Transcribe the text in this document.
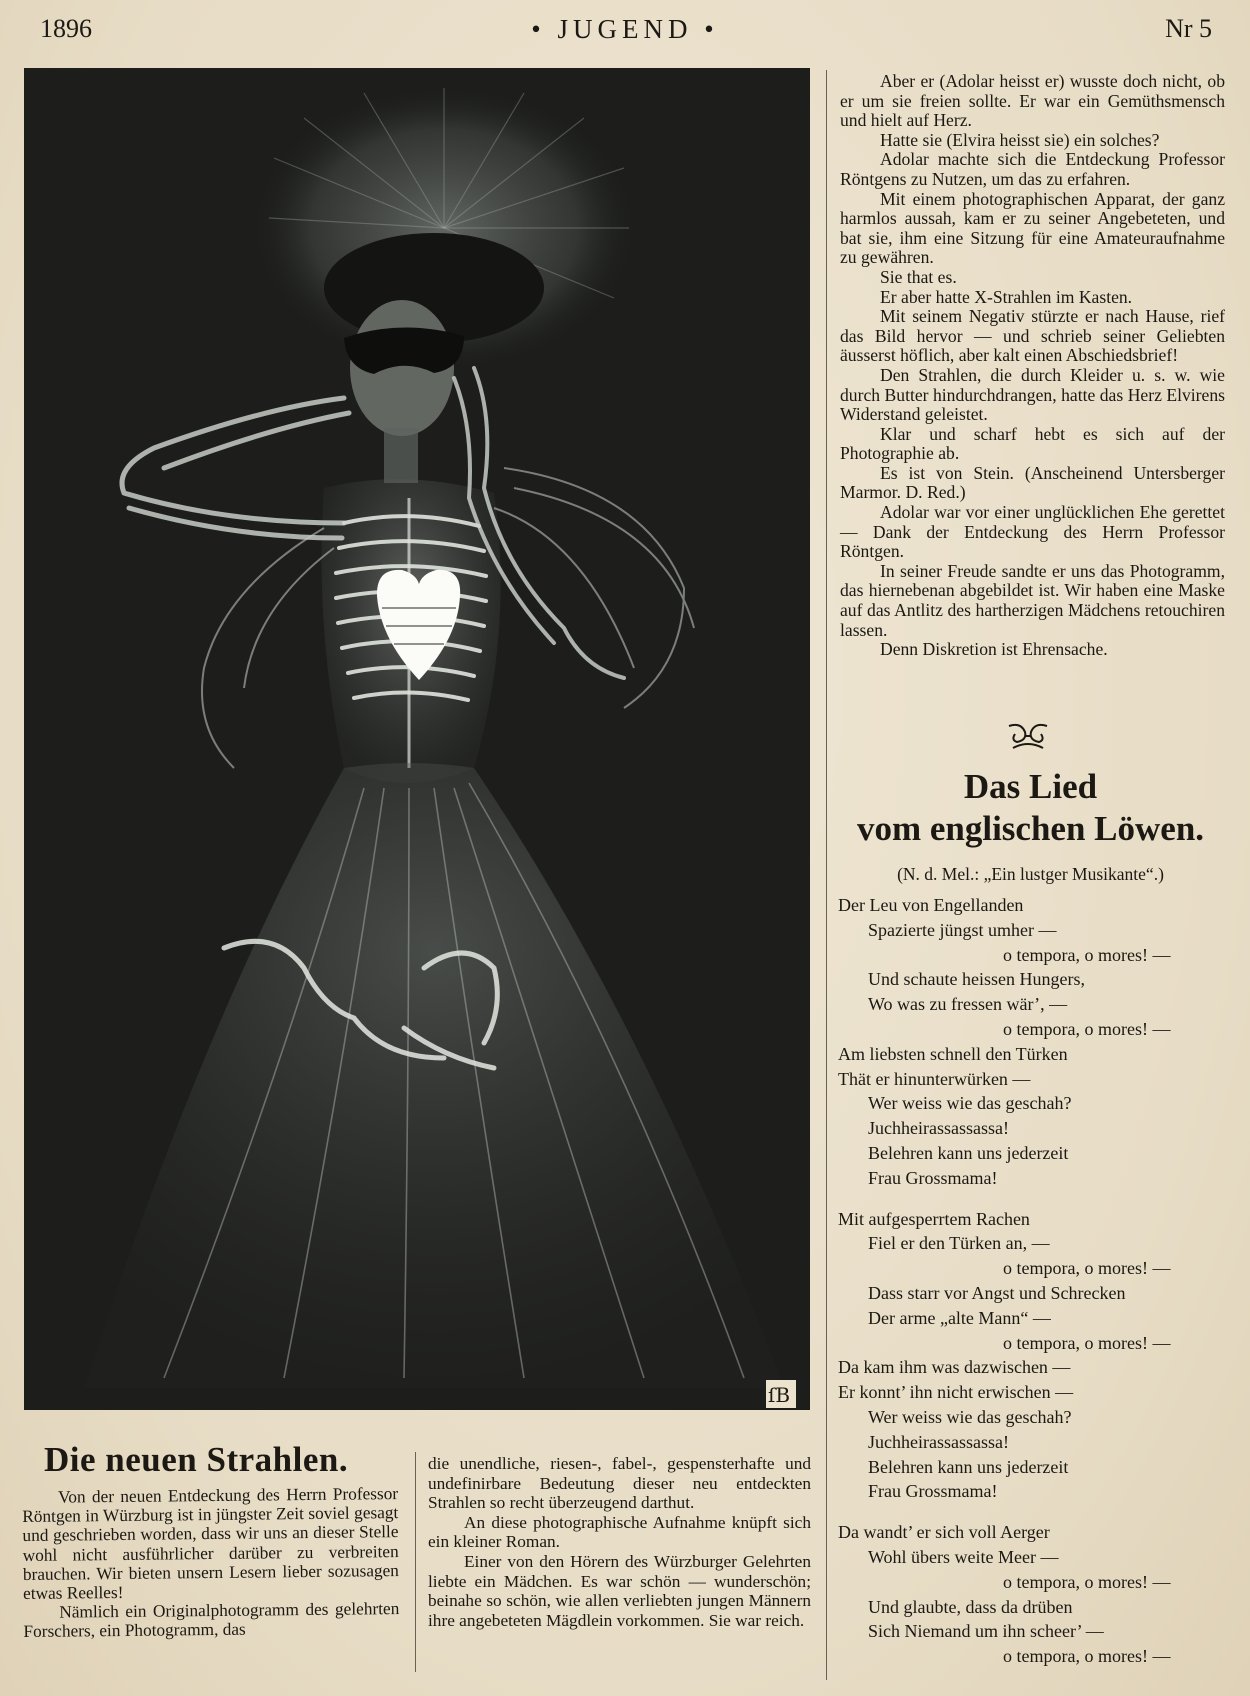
1896	• JUGEND •	Nr 5
ſB

Aber er (Adolar heisst er) wusste doch nicht, ob er um sie freien sollte. Er war ein Gemüthsmensch und hielt auf Herz.

Hatte sie (Elvira heisst sie) ein solches?

Adolar machte sich die Entdeckung Professor Röntgens zu Nutzen, um das zu erfahren.

Mit einem photographischen Apparat, der ganz harmlos aussah, kam er zu seiner Angebeteten, und bat sie, ihm eine Sitzung für eine Amateuraufnahme zu gewähren.

Sie that es.

Er aber hatte X-Strahlen im Kasten.

Mit seinem Negativ stürzte er nach Hause, rief das Bild hervor — und schrieb seiner Geliebten äusserst höflich, aber kalt einen Abschiedsbrief!

Den Strahlen, die durch Kleider u. s. w. wie durch Butter hindurchdrangen, hatte das Herz Elvirens Widerstand geleistet.

Klar und scharf hebt es sich auf der Photographie ab.

Es ist von Stein. (Anscheinend Untersberger Marmor. D. Red.)

Adolar war vor einer unglücklichen Ehe gerettet — Dank der Entdeckung des Herrn Professor Röntgen.

In seiner Freude sandte er uns das Photogramm, das hiernebenan abgebildet ist. Wir haben eine Maske auf das Antlitz des hartherzigen Mädchens retouchiren lassen.

Denn Diskretion ist Ehrensache.

Das Lied
vom englischen Löwen.
(N. d. Mel.: „Ein lustger Musikante“.)
Der Leu von Engellanden
Spazierte jüngst umher —
o tempora, o mores! —
Und schaute heissen Hungers,
Wo was zu fressen wär’, —
o tempora, o mores! —
Am liebsten schnell den Türken
Thät er hinunterwürken —
Wer weiss wie das geschah?
Juchheirassassassa!
Belehren kann uns jederzeit
Frau Grossmama!
Mit aufgesperrtem Rachen
Fiel er den Türken an, —
o tempora, o mores! —
Dass starr vor Angst und Schrecken
Der arme „alte Mann“ —
o tempora, o mores! —
Da kam ihm was dazwischen —
Er konnt’ ihn nicht erwischen —
Wer weiss wie das geschah?
Juchheirassassassa!
Belehren kann uns jederzeit
Frau Grossmama!
Da wandt’ er sich voll Aerger
Wohl übers weite Meer —
o tempora, o mores! —
Und glaubte, dass da drüben
Sich Niemand um ihn scheer’ —
o tempora, o mores! —
Die neuen Strahlen.

Von der neuen Entdeckung des Herrn Professor Röntgen in Würzburg ist in jüngster Zeit soviel gesagt und geschrieben worden, dass wir uns an dieser Stelle wohl nicht ausführlicher darüber zu verbreiten brauchen. Wir bieten unsern Lesern lieber sozusagen etwas Reelles!

Nämlich ein Originalphotogramm des gelehrten Forschers, ein Photogramm, das

die unendliche, riesen-, fabel-, gespensterhafte und undefinirbare Bedeutung dieser neu entdeckten Strahlen so recht überzeugend darthut.

An diese photographische Aufnahme knüpft sich ein kleiner Roman.

Einer von den Hörern des Würzburger Gelehrten liebte ein Mädchen. Es war schön — wunderschön; beinahe so schön, wie allen verliebten jungen Männern ihre angebeteten Mägdlein vorkommen. Sie war reich.
